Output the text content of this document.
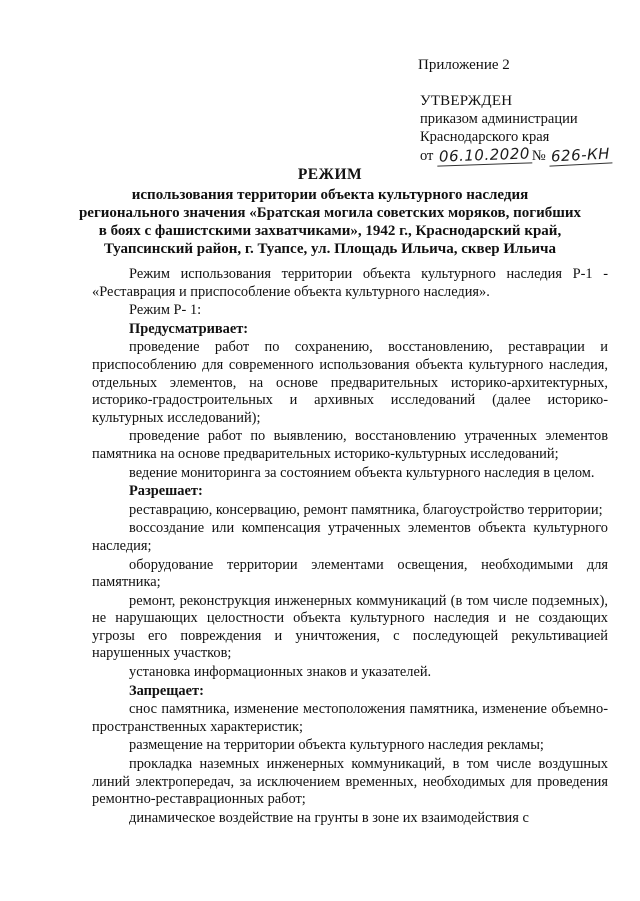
Приложение 2
УТВЕРЖДЕН
приказом администрации
Краснодарского края
от 06.10.2020 № 626-КН
РЕЖИМ
использования территории объекта культурного наследия
регионального значения «Братская могила советских моряков, погибших
в боях с фашистскими захватчиками», 1942 г., Краснодарский край,
Туапсинский район, г. Туапсе, ул. Площадь Ильича, сквер Ильича

Режим использования территории объекта культурного наследия Р-1 - «Реставрация и приспособление объекта культурного наследия».

Режим Р- 1:

Предусматривает:

проведение работ по сохранению, восстановлению, реставрации и приспособлению для современного использования объекта культурного наследия, отдельных элементов, на основе предварительных историко-архитектурных, историко-градостроительных и архивных исследований (далее историко-культурных исследований);

проведение работ по выявлению, восстановлению утраченных элементов памятника на основе предварительных историко-культурных исследований;

ведение мониторинга за состоянием объекта культурного наследия в целом.

Разрешает:

реставрацию, консервацию, ремонт памятника, благоустройство территории;

воссоздание или компенсация утраченных элементов объекта культурного наследия;

оборудование территории элементами освещения, необходимыми для памятника;

ремонт, реконструкция инженерных коммуникаций (в том числе подземных), не нарушающих целостности объекта культурного наследия и не создающих угрозы его повреждения и уничтожения, с последующей рекультивацией нарушенных участков;

установка информационных знаков и указателей.

Запрещает:

снос памятника, изменение местоположения памятника, изменение объемно-пространственных характеристик;

размещение на территории объекта культурного наследия рекламы;

прокладка наземных инженерных коммуникаций, в том числе воздушных линий электропередач, за исключением временных, необходимых для проведения ремонтно-реставрационных работ;

динамическое воздействие на грунты в зоне их взаимодействия с
